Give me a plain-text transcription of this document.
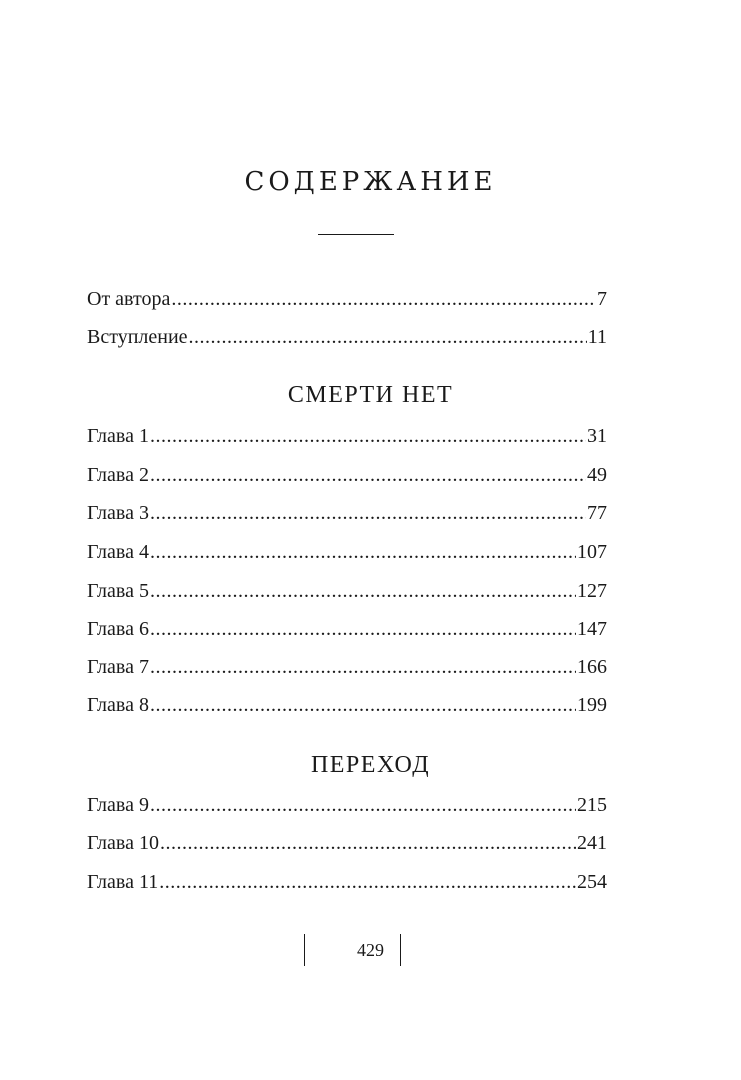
СОДЕРЖАНИЕ
От автора .....	7
Вступление .....	11
Глава 1 .....	31
Глава 2 .....	49
Глава 3 .....	77
Глава 4 .....	107
Глава 5 .....	127
Глава 6 .....	147
Глава 7 .....	166
Глава 8 .....	199
Глава 9 .....	215
Глава 10 .....	241
Глава 11 .....	254
СМЕРТИ НЕТ
ПЕРЕХОД
429
